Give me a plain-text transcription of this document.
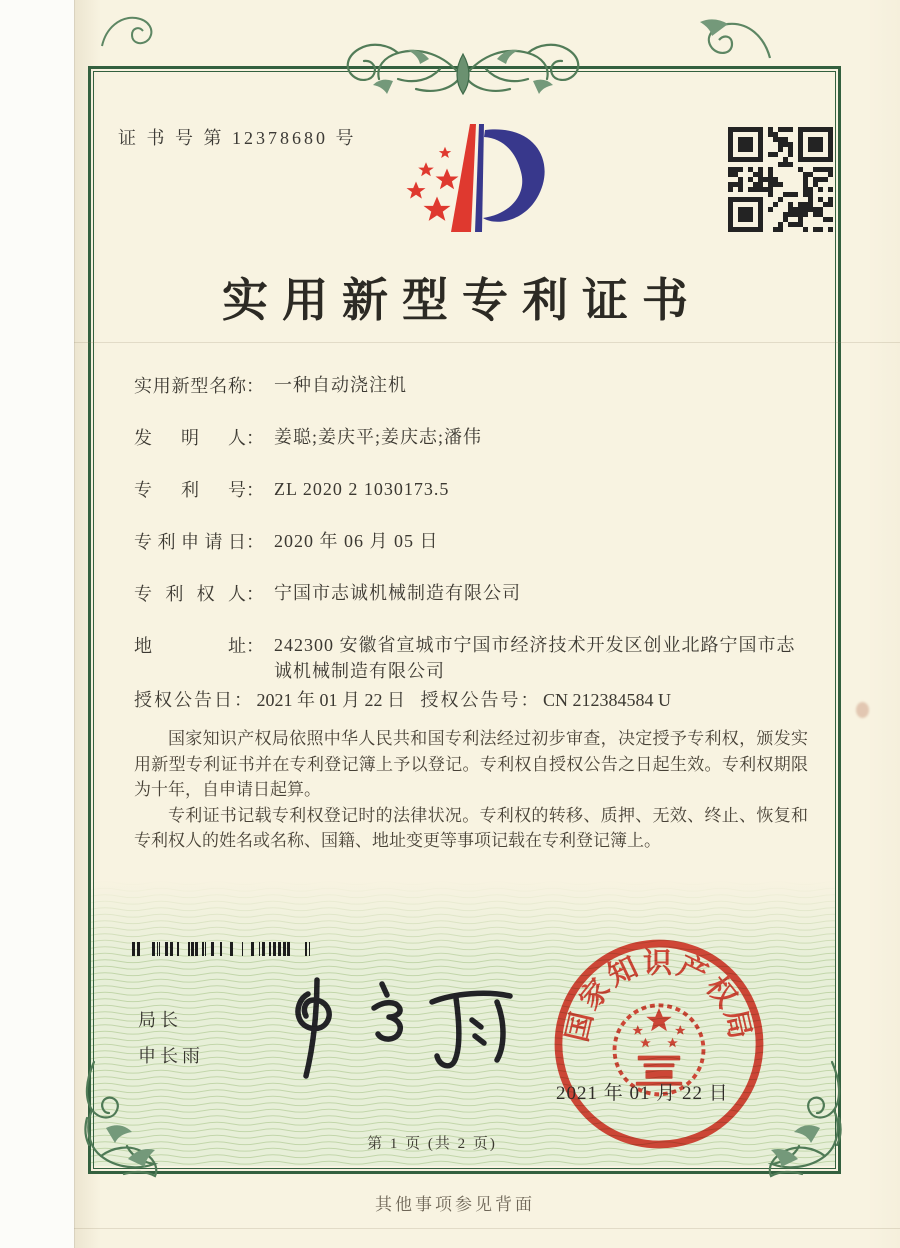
证 书 号 第 12378680 号
实用新型专利证书
实用新型名称 ： 一种自动浇注机
发明人 ： 姜聪;姜庆平;姜庆志;潘伟
专利号 ： ZL 2020 2 1030173.5
专利申请日 ： 2020 年 06 月 05 日
专利权人 ： 宁国市志诚机械制造有限公司
地址 ： 242300 安徽省宣城市宁国市经济技术开发区创业北路宁国市志诚机械制造有限公司
授权公告日： 2021 年 01 月 22 日 授权公告号： CN 212384584 U

国家知识产权局依照中华人民共和国专利法经过初步审查，决定授予专利权，颁发实用新型专利证书并在专利登记簿上予以登记。专利权自授权公告之日起生效。专利权期限为十年，自申请日起算。

专利证书记载专利权登记时的法律状况。专利权的转移、质押、无效、终止、恢复和专利权人的姓名或名称、国籍、地址变更等事项记载在专利登记簿上。

局长
申长雨
国家知识产权局
2021 年 01 月 22 日
第 1 页 (共 2 页)
其他事项参见背面
